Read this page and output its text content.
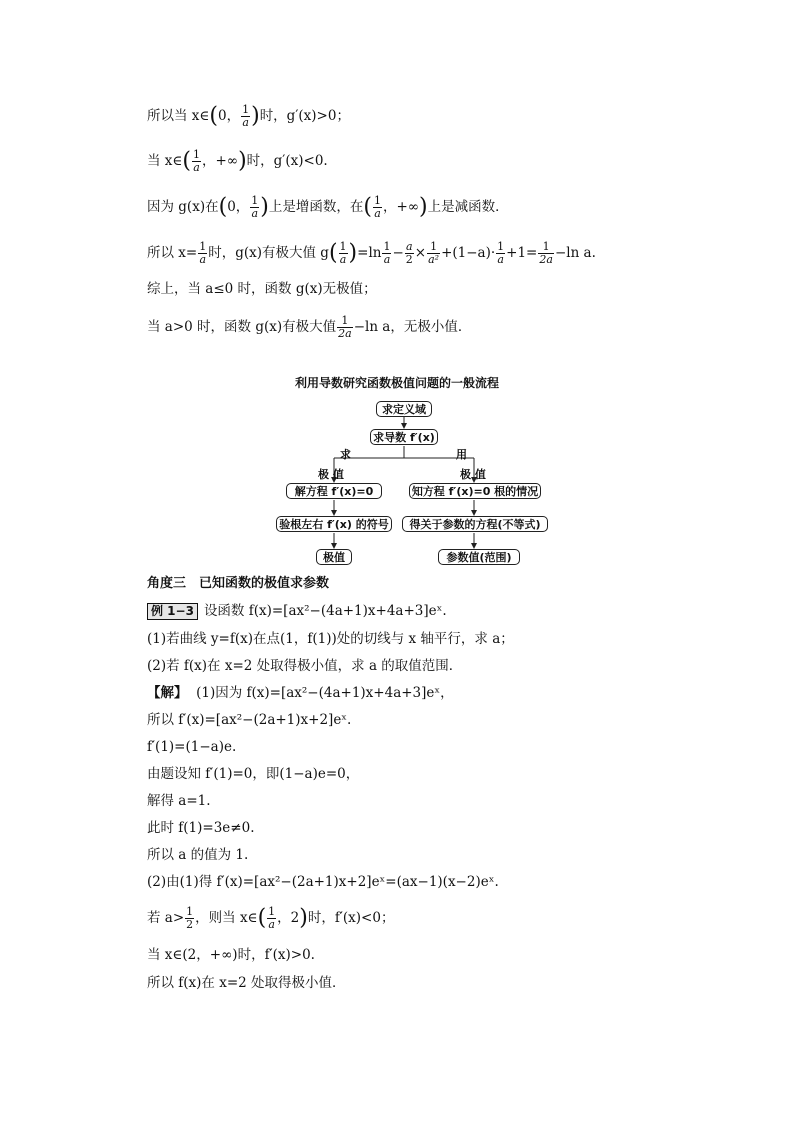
所以当 x∈(0， $\frac{1}{a}$ )时，g′(x)>0；
当 x∈( $\frac{1}{a}$ ，+∞)时，g′(x)<0.
因为 g(x)在(0， $\frac{1}{a}$ )上是增函数，在( $\frac{1}{a}$ ，+∞)上是减函数．
所以 $x= \frac{1}{a}$ 时，g(x)有极大值 $g( \frac{1}{a} )=\ln \frac{1}{a} - \frac{a}{2} \times \frac{1}{\text{a²}} +(1-a)\cdot \frac{1}{a} +1= \frac{1}{2a} -\ln$ a.
综上，当 a≤0 时，函数 g(x)无极值；
当 a>0 时，函数 g(x)有极大值 $\frac{1}{2a} -\ln$ a，无极小值．
利用导数研究函数极值问题的一般流程
求定义域
求导数 f′(x)
求	用
极 值	极 值
解方程 f′(x)=0
验根左右 f′(x) 的符号
极值
知方程 f′(x)=0 根的情况
得关于参数的方程(不等式)
参数值(范围)
角度三　已知函数的极值求参数
例 1−3 设函数 f(x)=[ax²−(4a+1)x+4a+3]eˣ.
(1)若曲线 y=f(x)在点(1，f(1))处的切线与 x 轴平行，求 a；
(2)若 f(x)在 x=2 处取得极小值，求 a 的取值范围．
【解】 (1)因为 f(x)=[ax²−(4a+1)x+4a+3]eˣ，
所以 f′(x)=[ax²−(2a+1)x+2]eˣ.
f′(1)=(1−a)e.
由题设知 f′(1)=0，即(1−a)e=0，
解得 a=1.
此时 f(1)=3e≠0.
所以 a 的值为 1.
(2)由(1)得 f′(x)=[ax²−(2a+1)x+2]eˣ=(ax−1)(x−2)eˣ.
若 $a> \frac{1}{2}$ ，则当 x∈( $\frac{1}{a}$ ，2)时，f′(x)<0；
当 x∈(2，+∞)时，f′(x)>0.
所以 f(x)在 x=2 处取得极小值．
